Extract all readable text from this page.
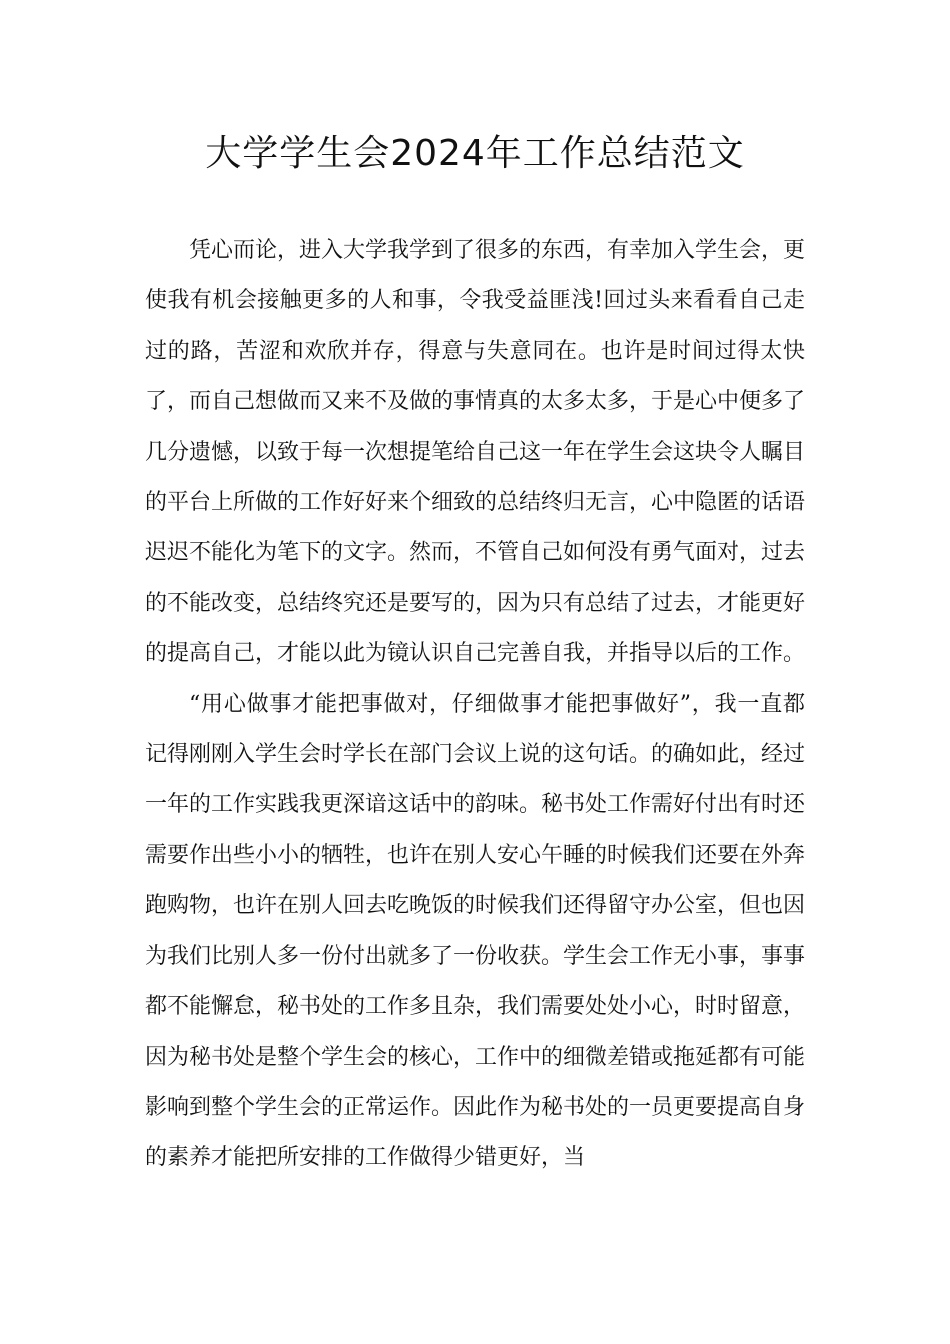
大学学生会2024年工作总结范文

凭心而论，进入大学我学到了很多的东西，有幸加入学生会，更使我有机会接触更多的人和事，令我受益匪浅!回过头来看看自己走过的路，苦涩和欢欣并存，得意与失意同在。也许是时间过得太快了，而自己想做而又来不及做的事情真的太多太多，于是心中便多了几分遗憾，以致于每一次想提笔给自己这一年在学生会这块令人瞩目的平台上所做的工作好好来个细致的总结终归无言，心中隐匿的话语迟迟不能化为笔下的文字。然而，不管自己如何没有勇气面对，过去的不能改变，总结终究还是要写的，因为只有总结了过去，才能更好的提高自己，才能以此为镜认识自己完善自我，并指导以后的工作。

“用心做事才能把事做对，仔细做事才能把事做好”，我一直都记得刚刚入学生会时学长在部门会议上说的这句话。的确如此，经过一年的工作实践我更深谙这话中的韵味。秘书处工作需好付出有时还需要作出些小小的牺牲，也许在别人安心午睡的时候我们还要在外奔跑购物，也许在别人回去吃晚饭的时候我们还得留守办公室，但也因为我们比别人多一份付出就多了一份收获。学生会工作无小事，事事都不能懈怠，秘书处的工作多且杂，我们需要处处小心，时时留意，因为秘书处是整个学生会的核心，工作中的细微差错或拖延都有可能影响到整个学生会的正常运作。因此作为秘书处的一员更要提高自身的素养才能把所安排的工作做得少错更好，当
